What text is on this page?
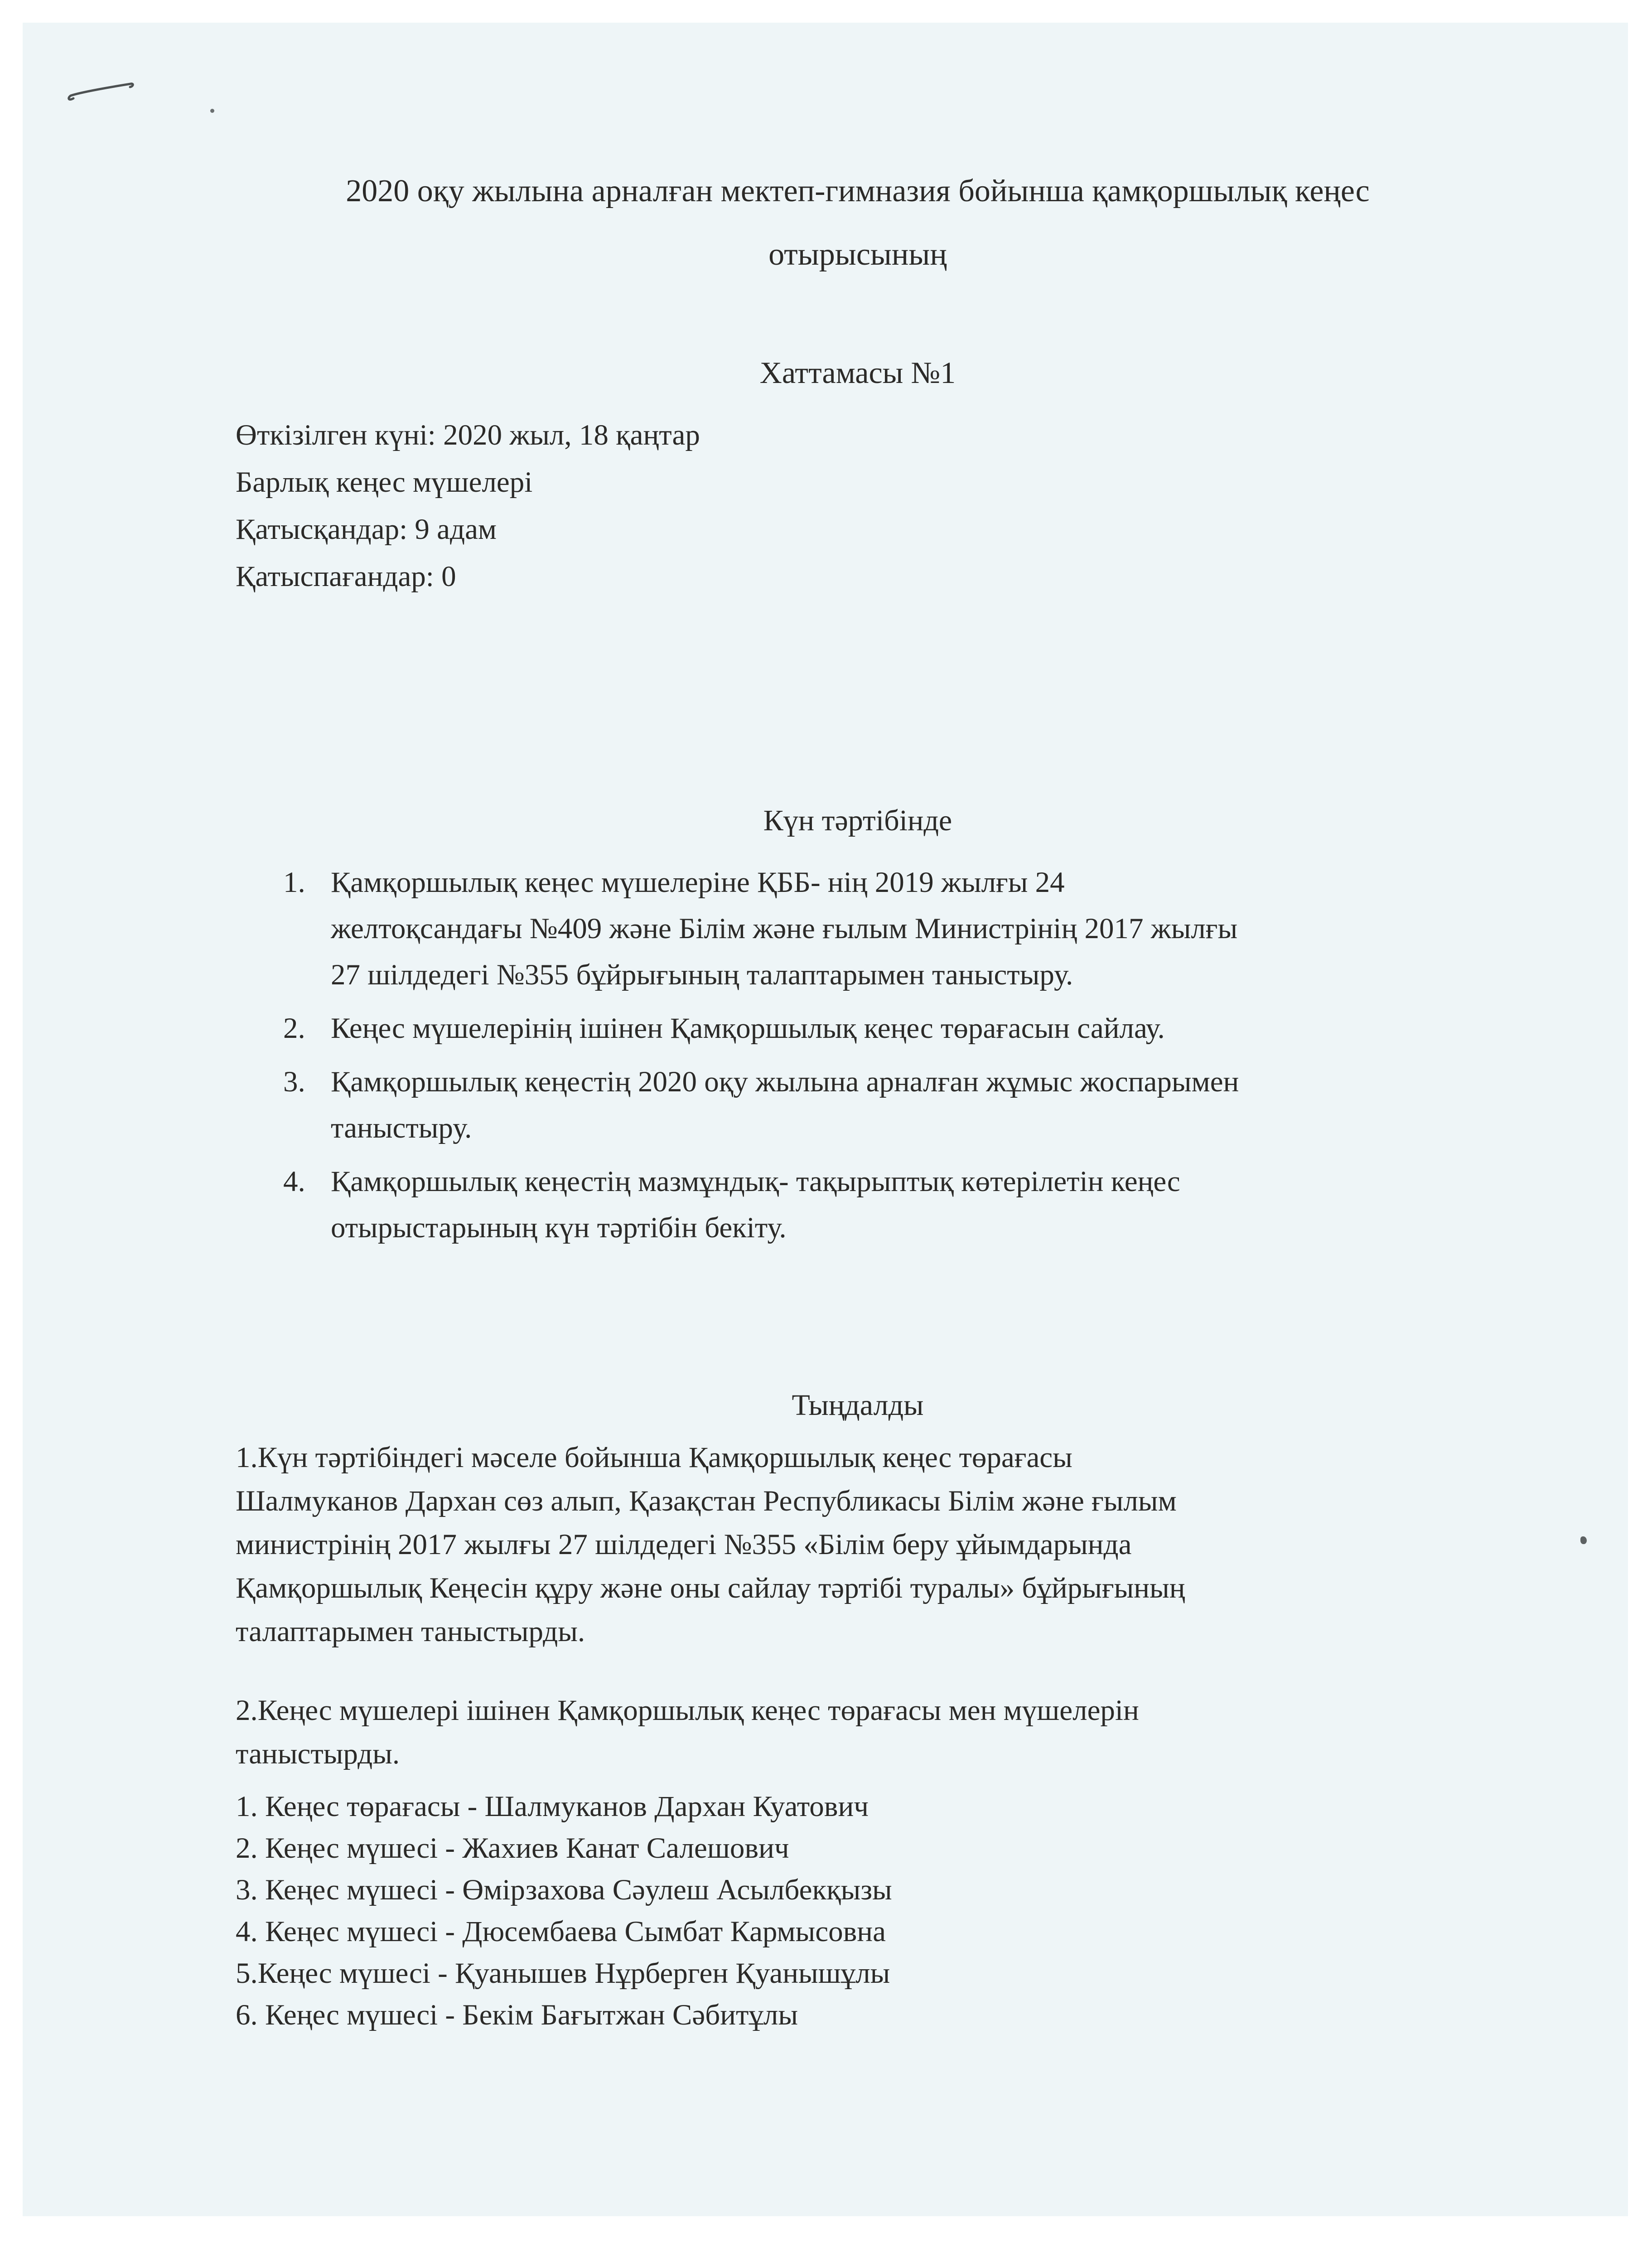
2020 оқу жылына арналған мектеп-гимназия бойынша қамқоршылық кеңес
отырысының
Хаттамасы №1
Өткізілген күні: 2020 жыл, 18 қаңтар
Барлық кеңес мүшелері
Қатысқандар: 9 адам
Қатыспағандар: 0
Күн тәртібінде
1. Қамқоршылық кеңес мүшелеріне ҚББ- нің 2019 жылғы 24
желтоқсандағы №409 және Білім және ғылым Министрінің 2017 жылғы
27 шілдедегі №355 бұйрығының талаптарымен таныстыру.
2. Кеңес мүшелерінің ішінен Қамқоршылық кеңес төрағасын сайлау.
3. Қамқоршылық кеңестің 2020 оқу жылына арналған жұмыс жоспарымен
таныстыру.
4. Қамқоршылық кеңестің мазмұндық- тақырыптық көтерілетін кеңес
отырыстарының күн тәртібін бекіту.
Тыңдалды
1.Күн тәртібіндегі мәселе бойынша Қамқоршылық кеңес төрағасы
Шалмуканов Дархан сөз алып, Қазақстан Республикасы Білім және ғылым
министрінің 2017 жылғы 27 шілдедегі №355 «Білім беру ұйымдарында
Қамқоршылық Кеңесін құру және оны сайлау тәртібі туралы» бұйрығының
талаптарымен таныстырды.
2.Кеңес мүшелері ішінен Қамқоршылық кеңес төрағасы мен мүшелерін
таныстырды.
1. Кеңес төрағасы - Шалмуканов Дархан Куатович
2. Кеңес мүшесі - Жахиев Канат Салешович
3. Кеңес мүшесі - Өмірзахова Сәулеш Асылбекқызы
4. Кеңес мүшесі - Дюсембаева Сымбат Кармысовна
5.Кеңес мүшесі - Қуанышев Нұрберген Қуанышұлы
6. Кеңес мүшесі - Бекім Бағытжан Сәбитұлы
